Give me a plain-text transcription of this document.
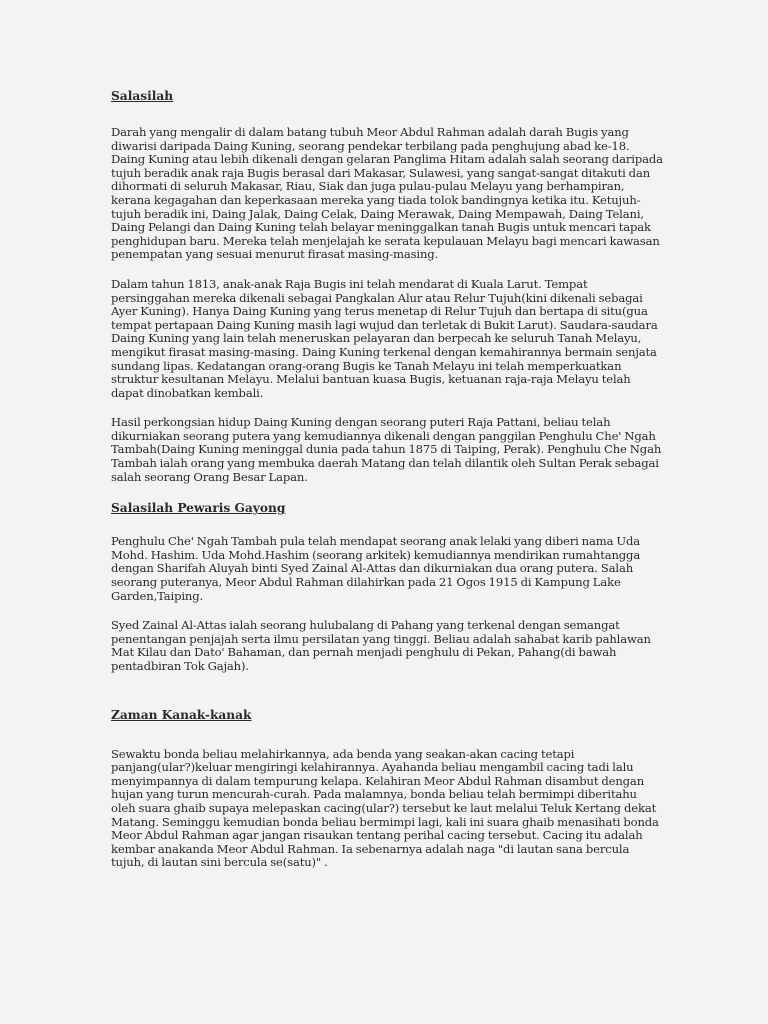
Salasilah

Darah yang mengalir di dalam batang tubuh Meor Abdul Rahman adalah darah Bugis yang diwarisi daripada Daing Kuning, seorang pendekar terbilang pada penghujung abad ke-18. Daing Kuning atau lebih dikenali dengan gelaran Panglima Hitam adalah salah seorang daripada tujuh beradik anak raja Bugis berasal dari Makasar, Sulawesi, yang sangat-sangat ditakuti dan dihormati di seluruh Makasar, Riau, Siak dan juga pulau-pulau Melayu yang berhampiran, kerana kegagahan dan keperkasaan mereka yang tiada tolok bandingnya ketika itu. Ketujuh-tujuh beradik ini, Daing Jalak, Daing Celak, Daing Merawak, Daing Mempawah, Daing Telani, Daing Pelangi dan Daing Kuning telah belayar meninggalkan tanah Bugis untuk mencari tapak penghidupan baru. Mereka telah menjelajah ke serata kepulauan Melayu bagi mencari kawasan penempatan yang sesuai menurut firasat masing-masing.

Dalam tahun 1813, anak-anak Raja Bugis ini telah mendarat di Kuala Larut. Tempat persinggahan mereka dikenali sebagai Pangkalan Alur atau Relur Tujuh(kini dikenali sebagai Ayer Kuning). Hanya Daing Kuning yang terus menetap di Relur Tujuh dan bertapa di situ(gua tempat pertapaan Daing Kuning masih lagi wujud dan terletak di Bukit Larut). Saudara-saudara Daing Kuning yang lain telah meneruskan pelayaran dan berpecah ke seluruh Tanah Melayu, mengikut firasat masing-masing. Daing Kuning terkenal dengan kemahirannya bermain senjata sundang lipas. Kedatangan orang-orang Bugis ke Tanah Melayu ini telah memperkuatkan struktur kesultanan Melayu. Melalui bantuan kuasa Bugis, ketuanan raja-raja Melayu telah dapat dinobatkan kembali.

Hasil perkongsian hidup Daing Kuning dengan seorang puteri Raja Pattani, beliau telah dikurniakan seorang putera yang kemudiannya dikenali dengan panggilan Penghulu Che' Ngah Tambah(Daing Kuning meninggal dunia pada tahun 1875 di Taiping, Perak). Penghulu Che Ngah Tambah ialah orang yang membuka daerah Matang dan telah dilantik oleh Sultan Perak sebagai salah seorang Orang Besar Lapan.

Salasilah Pewaris Gayong

Penghulu Che' Ngah Tambah pula telah mendapat seorang anak lelaki yang diberi nama Uda Mohd. Hashim. Uda Mohd.Hashim (seorang arkitek) kemudiannya mendirikan rumahtangga dengan Sharifah Aluyah binti Syed Zainal Al-Attas dan dikurniakan dua orang putera. Salah seorang puteranya, Meor Abdul Rahman dilahirkan pada 21 Ogos 1915 di Kampung Lake Garden,Taiping.

Syed Zainal Al-Attas ialah seorang hulubalang di Pahang yang terkenal dengan semangat penentangan penjajah serta ilmu persilatan yang tinggi. Beliau adalah sahabat karib pahlawan Mat Kilau dan Dato' Bahaman, dan pernah menjadi penghulu di Pekan, Pahang(di bawah pentadbiran Tok Gajah).

Zaman Kanak-kanak

Sewaktu bonda beliau melahirkannya, ada benda yang seakan-akan cacing tetapi panjang(ular?)keluar mengiringi kelahirannya. Ayahanda beliau mengambil cacing tadi lalu menyimpannya di dalam tempurung kelapa. Kelahiran Meor Abdul Rahman disambut dengan hujan yang turun mencurah-curah. Pada malamnya, bonda beliau telah bermimpi diberitahu oleh suara ghaib supaya melepaskan cacing(ular?) tersebut ke laut melalui Teluk Kertang dekat Matang. Seminggu kemudian bonda beliau bermimpi lagi, kali ini suara ghaib menasihati bonda Meor Abdul Rahman agar jangan risaukan tentang perihal cacing tersebut. Cacing itu adalah kembar anakanda Meor Abdul Rahman. Ia sebenarnya adalah naga "di lautan sana bercula tujuh, di lautan sini bercula se(satu)" .
